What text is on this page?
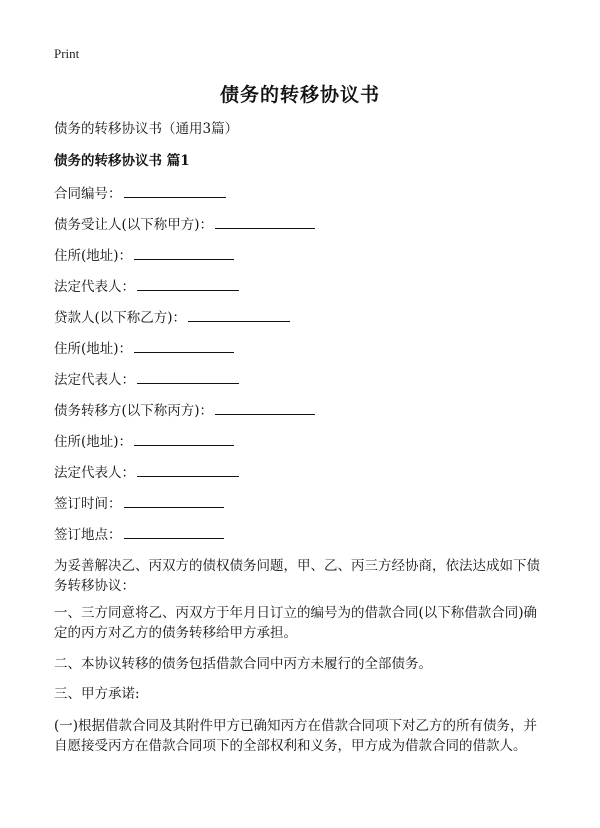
Print
债务的转移协议书
债务的转移协议书（通用3篇）
债务的转移协议书 篇1
合同编号：
债务受让人(以下称甲方)：
住所(地址)：
法定代表人：
贷款人(以下称乙方)：
住所(地址)：
法定代表人：
债务转移方(以下称丙方)：
住所(地址)：
法定代表人：
签订时间：
签订地点：
为妥善解决乙、丙双方的债权债务问题，甲、乙、丙三方经协商，依法达成如下债务转移协议：
一、三方同意将乙、丙双方于年月日订立的编号为的借款合同(以下称借款合同)确定的丙方对乙方的债务转移给甲方承担。
二、本协议转移的债务包括借款合同中丙方未履行的全部债务。
三、甲方承诺:
(一)根据借款合同及其附件甲方已确知丙方在借款合同项下对乙方的所有债务，并自愿接受丙方在借款合同项下的全部权利和义务，甲方成为借款合同的借款人。
